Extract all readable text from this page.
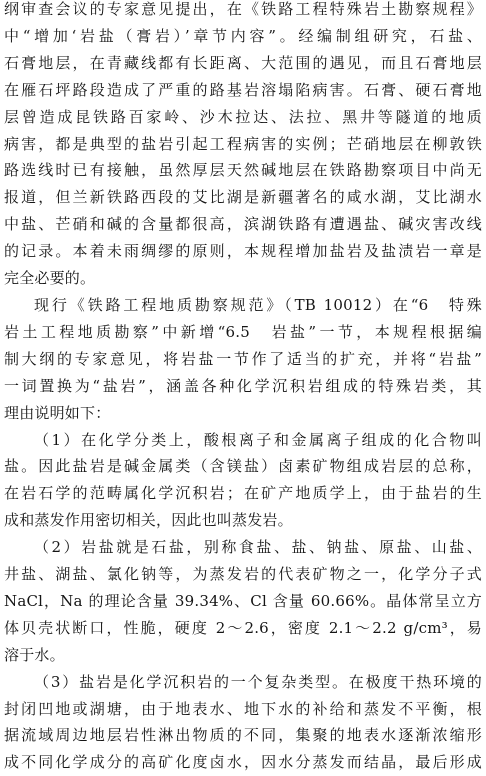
纲审查会议的专家意见提出，在《铁路工程特殊岩土勘察规程》

中“增加‘岩盐（膏岩）’章节内容”。经编制组研究，石盐、

石膏地层，在青藏线都有长距离、大范围的遇见，而且石膏地层

在雁石坪路段造成了严重的路基岩溶塌陷病害。石膏、硬石膏地

层曾造成昆铁路百家岭、沙木拉达、法拉、黑井等隧道的地质

病害，都是典型的盐岩引起工程病害的实例；芒硝地层在柳敦铁

路选线时已有接触，虽然厚层天然碱地层在铁路勘察项目中尚无

报道，但兰新铁路西段的艾比湖是新疆著名的咸水湖，艾比湖水

中盐、芒硝和碱的含量都很高，滨湖铁路有遭遇盐、碱灾害改线

的记录。本着未雨绸缪的原则，本规程增加盐岩及盐渍岩一章是

完全必要的。

现行《铁路工程地质勘察规范》（TB 10012）在“6　特殊

岩土工程地质勘察”中新增“6.5　岩盐”一节，本规程根据编

制大纲的专家意见，将岩盐一节作了适当的扩充，并将“岩盐”

一词置换为“盐岩”，涵盖各种化学沉积岩组成的特殊岩类，其

理由说明如下：

（1）在化学分类上，酸根离子和金属离子组成的化合物叫

盐。因此盐岩是碱金属类（含镁盐）卤素矿物组成岩层的总称，

在岩石学的范畴属化学沉积岩；在矿产地质学上，由于盐岩的生

成和蒸发作用密切相关，因此也叫蒸发岩。

（2）岩盐就是石盐，别称食盐、盐、钠盐、原盐、山盐、

井盐、湖盐、氯化钠等，为蒸发岩的代表矿物之一，化学分子式

NaCl，Na 的理论含量 39.34%、Cl 含量 60.66%。晶体常呈立方

体贝壳状断口，性脆，硬度 2～2.6，密度 2.1～2.2 g/cm³，易

溶于水。

（3）盐岩是化学沉积岩的一个复杂类型。在极度干热环境的

封闭凹地或湖塘，由于地表水、地下水的补给和蒸发不平衡，根

据流域周边地层岩性淋出物质的不同，集聚的地表水逐渐浓缩形

成不同化学成分的高矿化度卤水，因水分蒸发而结晶，最后形成
